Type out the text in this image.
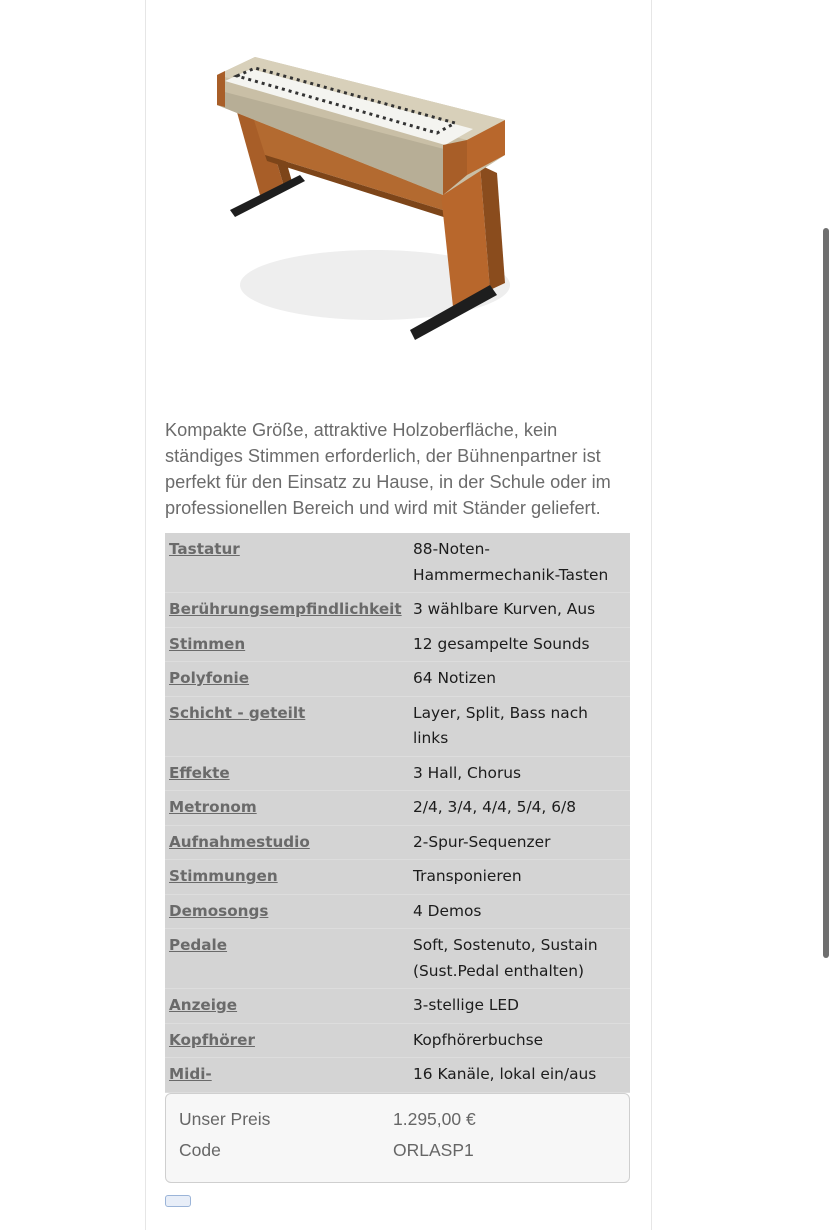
Kompakte Größe, attraktive Holzoberfläche, kein ständiges Stimmen erforderlich, der Bühnenpartner ist perfekt für den Einsatz zu Hause, in der Schule oder im professionellen Bereich und wird mit Ständer geliefert.

Tastatur	88-Noten-Hammermechanik-Tasten
Berührungsempfindlichkeit	3 wählbare Kurven, Aus
Stimmen	12 gesampelte Sounds
Polyfonie	64 Notizen
Schicht - geteilt	Layer, Split, Bass nach links
Effekte	3 Hall, Chorus
Metronom	2/4, 3/4, 4/4, 5/4, 6/8
Aufnahmestudio	2-Spur-Sequenzer
Stimmungen	Transponieren
Demosongs	4 Demos
Pedale	Soft, Sostenuto, Sustain (Sust.Pedal enthalten)
Anzeige	3-stellige LED
Kopfhörer	Kopfhörerbuchse
Midi-	16 Kanäle, lokal ein/aus
Unser Preis	1.295,00 €
Code	ORLASP1
